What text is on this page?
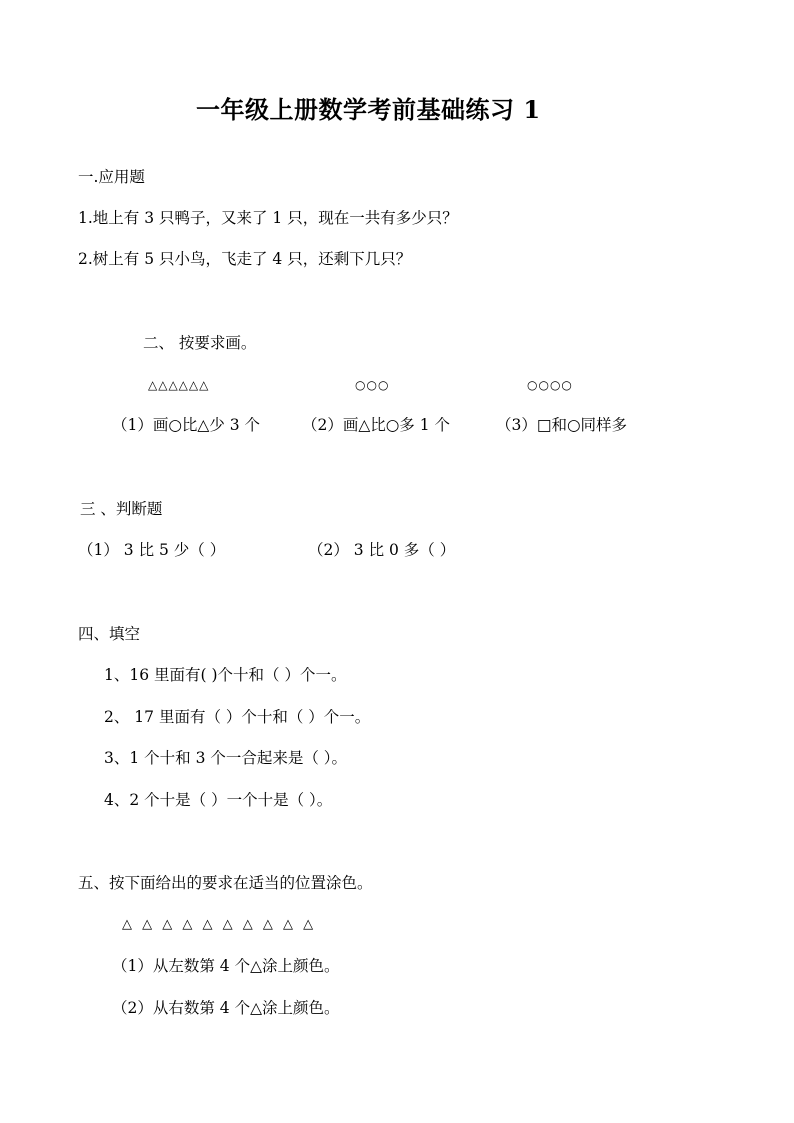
一年级上册数学考前基础练习 1
一.应用题
1.地上有 3 只鸭子，又来了 1 只，现在一共有多少只？
2.树上有 5 只小鸟，飞走了 4 只，还剩下几只？
二、 按要求画。
△△△△△△	○○○	○○○○
（1）画○比△少 3 个	（2）画△比○多 1 个	（3）□和○同样多
三 、判断题
（1） 3 比 5 少（ ）	（2） 3 比 0 多（ ）
四、填空
1、16 里面有( )个十和（ ）个一。
2、 17 里面有（ ）个十和（ ）个一。
3、1 个十和 3 个一合起来是（ ）。
4、2 个十是（ ）一个十是（ ）。
五、按下面给出的要求在适当的位置涂色。
△ △ △ △ △ △ △ △ △ △
（1）从左数第 4 个△涂上颜色。
（2）从右数第 4 个△涂上颜色。
